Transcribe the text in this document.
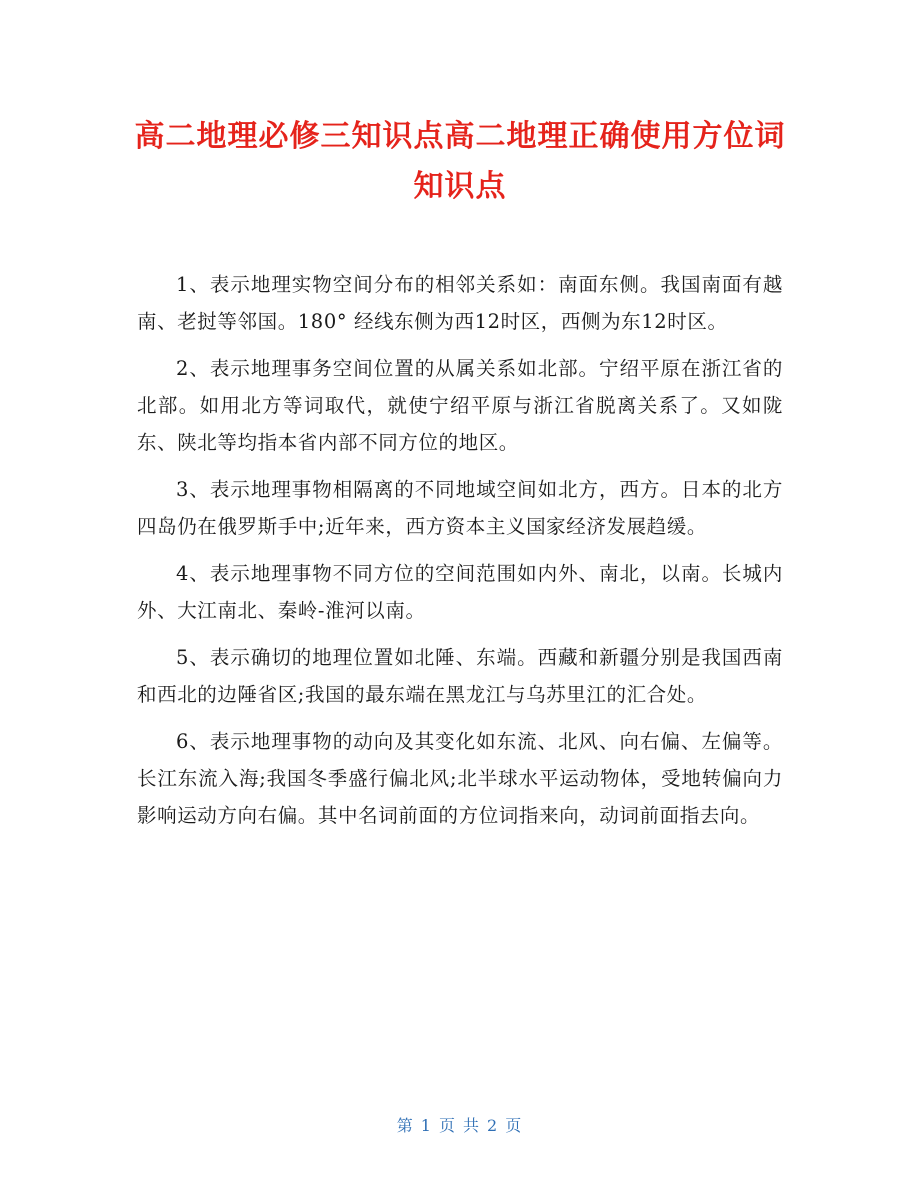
高二地理必修三知识点高二地理正确使用方位词知识点

1、表示地理实物空间分布的相邻关系如：南面东侧。我国南面有越南、老挝等邻国。180° 经线东侧为西12时区，西侧为东12时区。

2、表示地理事务空间位置的从属关系如北部。宁绍平原在浙江省的北部。如用北方等词取代，就使宁绍平原与浙江省脱离关系了。又如陇东、陕北等均指本省内部不同方位的地区。

3、表示地理事物相隔离的不同地域空间如北方，西方。日本的北方四岛仍在俄罗斯手中;近年来，西方资本主义国家经济发展趋缓。

4、表示地理事物不同方位的空间范围如内外、南北，以南。长城内外、大江南北、秦岭-淮河以南。

5、表示确切的地理位置如北陲、东端。西藏和新疆分别是我国西南和西北的边陲省区;我国的最东端在黑龙江与乌苏里江的汇合处。

6、表示地理事物的动向及其变化如东流、北风、向右偏、左偏等。长江东流入海;我国冬季盛行偏北风;北半球水平运动物体，受地转偏向力影响运动方向右偏。其中名词前面的方位词指来向，动词前面指去向。

第 1 页 共 2 页
